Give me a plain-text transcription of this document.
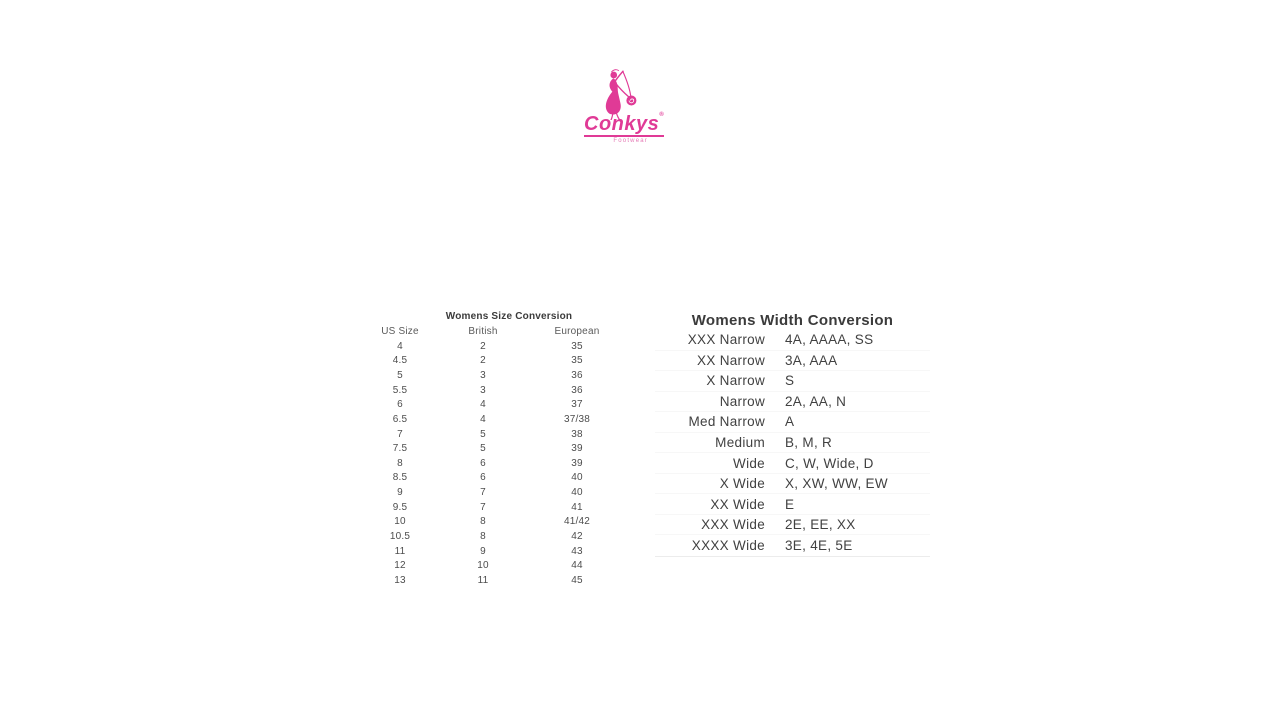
Conkys®
Footwear
Womens Size Conversion
US Size	British	European
4	2	35
4.5	2	35
5	3	36
5.5	3	36
6	4	37
6.5	4	37/38
7	5	38
7.5	5	39
8	6	39
8.5	6	40
9	7	40
9.5	7	41
10	8	41/42
10.5	8	42
11	9	43
12	10	44
13	11	45
Womens Width Conversion
XXX Narrow 4A, AAAA, SS
XX Narrow 3A, AAA
X Narrow S
Narrow 2A, AA, N
Med Narrow A
Medium B, M, R
Wide C, W, Wide, D
X Wide X, XW, WW, EW
XX Wide E
XXX Wide 2E, EE, XX
XXXX Wide 3E, 4E, 5E
